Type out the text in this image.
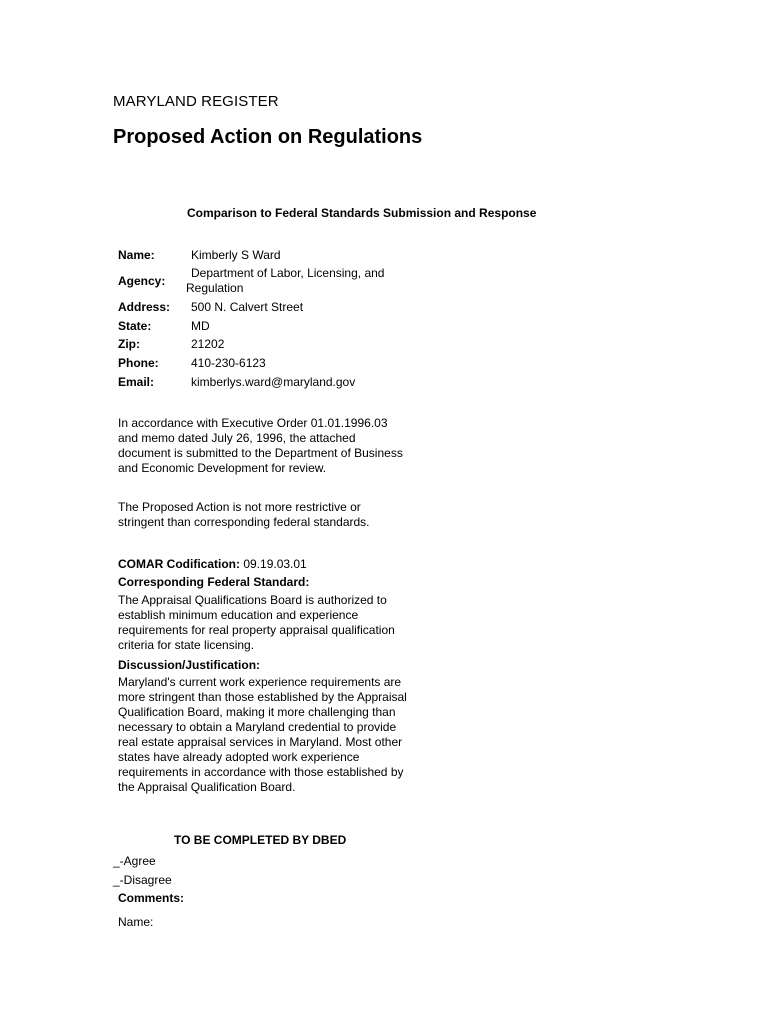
MARYLAND REGISTER
Proposed Action on Regulations
Comparison to Federal Standards Submission and Response
Name:	Kimberly S Ward
Agency:
Department of Labor, Licensing, and
Regulation
Address: 500 N. Calvert Street
State:	MD
Zip:	21202
Phone:	410-230-6123
Email:	kimberlys.ward@maryland.gov
In accordance with Executive Order 01.01.1996.03 and memo dated July 26, 1996, the attached document is submitted to the Department of Business and Economic Development for review.
The Proposed Action is not more restrictive or stringent than corresponding federal standards.
COMAR Codification: 09.19.03.01
Corresponding Federal Standard:
The Appraisal Qualifications Board is authorized to establish minimum education and experience requirements for real property appraisal qualification criteria for state licensing.
Discussion/Justification:
Maryland's current work experience requirements are more stringent than those established by the Appraisal Qualification Board, making it more challenging than necessary to obtain a Maryland credential to provide real estate appraisal services in Maryland. Most other states have already adopted work experience requirements in accordance with those established by the Appraisal Qualification Board.
TO BE COMPLETED BY DBED
_-Agree
_-Disagree
Comments:
Name:
